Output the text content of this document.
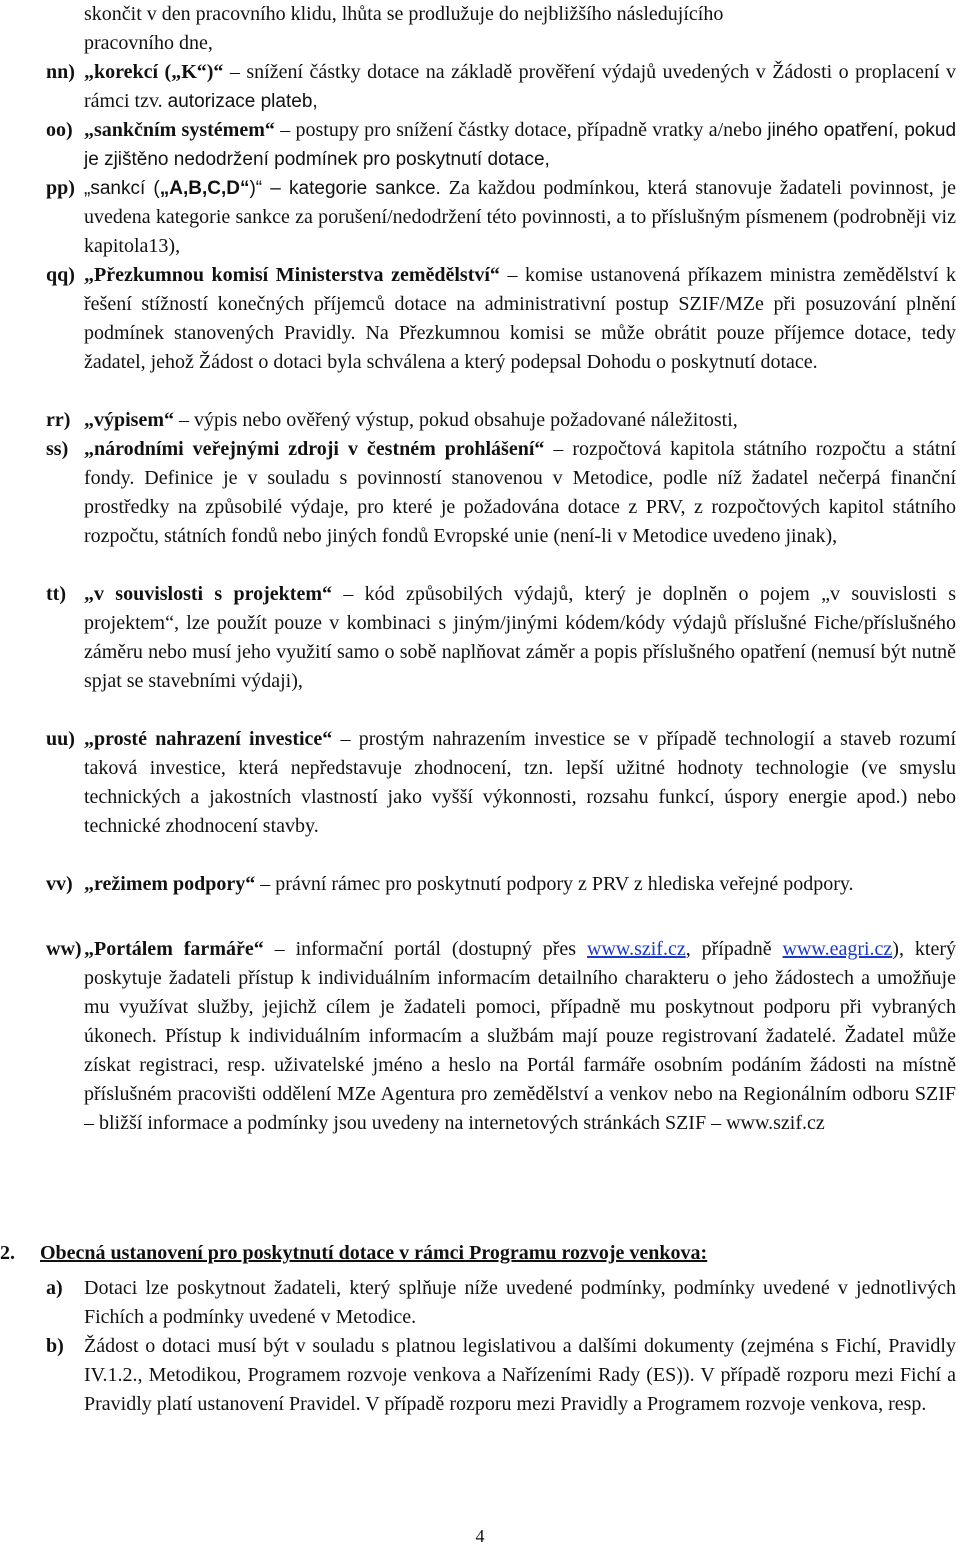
skončit v den pracovního klidu, lhůta se prodlužuje do nejbližšího následujícího
pracovního dne,
nn) „korekcí („K“)“ – snížení částky dotace na základě prověření výdajů uvedených v Žádosti o proplacení v rámci tzv. autorizace plateb,
oo) „sankčním systémem“ – postupy pro snížení částky dotace, případně vratky a/nebo jiného opatření, pokud je zjištěno nedodržení podmínek pro poskytnutí dotace,
pp) „sankcí („A,B,C,D“)“ – kategorie sankce. Za každou podmínkou, která stanovuje žadateli povinnost, je uvedena kategorie sankce za porušení/nedodržení této povinnosti, a to příslušným písmenem (podrobněji viz kapitola13),
qq) „Přezkumnou komisí Ministerstva zemědělství“ – komise ustanovená příkazem ministra zemědělství k řešení stížností konečných příjemců dotace na administrativní postup SZIF/MZe při posuzování plnění podmínek stanovených Pravidly. Na Přezkumnou komisi se může obrátit pouze příjemce dotace, tedy žadatel, jehož Žádost o dotaci byla schválena a který podepsal Dohodu o poskytnutí dotace.
rr) „výpisem“ – výpis nebo ověřený výstup, pokud obsahuje požadované náležitosti,
ss) „národními veřejnými zdroji v čestném prohlášení“ – rozpočtová kapitola státního rozpočtu a státní fondy. Definice je v souladu s povinností stanovenou v Metodice, podle níž žadatel nečerpá finanční prostředky na způsobilé výdaje, pro které je požadována dotace z PRV, z rozpočtových kapitol státního rozpočtu, státních fondů nebo jiných fondů Evropské unie (není-li v Metodice uvedeno jinak),
tt) „v souvislosti s projektem“ – kód způsobilých výdajů, který je doplněn o pojem „v souvislosti s projektem“, lze použít pouze v kombinaci s jiným/jinými kódem/kódy výdajů příslušné Fiche/příslušného záměru nebo musí jeho využití samo o sobě naplňovat záměr a popis příslušného opatření (nemusí být nutně spjat se stavebními výdaji),
uu) „prosté nahrazení investice“ – prostým nahrazením investice se v případě technologií a staveb rozumí taková investice, která nepředstavuje zhodnocení, tzn. lepší užitné hodnoty technologie (ve smyslu technických a jakostních vlastností jako vyšší výkonnosti, rozsahu funkcí, úspory energie apod.) nebo technické zhodnocení stavby.
vv) „režimem podpory“ – právní rámec pro poskytnutí podpory z PRV z hlediska veřejné podpory.
ww) „Portálem farmáře“ – informační portál (dostupný přes www.szif.cz, případně www.eagri.cz), který poskytuje žadateli přístup k individuálním informacím detailního charakteru o jeho žádostech a umožňuje mu využívat služby, jejichž cílem je žadateli pomoci, případně mu poskytnout podporu při vybraných úkonech. Přístup k individuálním informacím a službám mají pouze registrovaní žadatelé. Žadatel může získat registraci, resp. uživatelské jméno a heslo na Portál farmáře osobním podáním žádosti na místně příslušném pracovišti oddělení MZe Agentura pro zemědělství a venkov nebo na Regionálním odboru SZIF – bližší informace a podmínky jsou uvedeny na internetových stránkách SZIF – www.szif.cz
2. Obecná ustanovení pro poskytnutí dotace v rámci Programu rozvoje venkova:
a) Dotaci lze poskytnout žadateli, který splňuje níže uvedené podmínky, podmínky uvedené v jednotlivých Fichích a podmínky uvedené v Metodice.
b) Žádost o dotaci musí být v souladu s platnou legislativou a dalšími dokumenty (zejména s Fichí, Pravidly IV.1.2., Metodikou, Programem rozvoje venkova a Nařízeními Rady (ES)). V případě rozporu mezi Fichí a Pravidly platí ustanovení Pravidel. V případě rozporu mezi Pravidly a Programem rozvoje venkova, resp.
4
